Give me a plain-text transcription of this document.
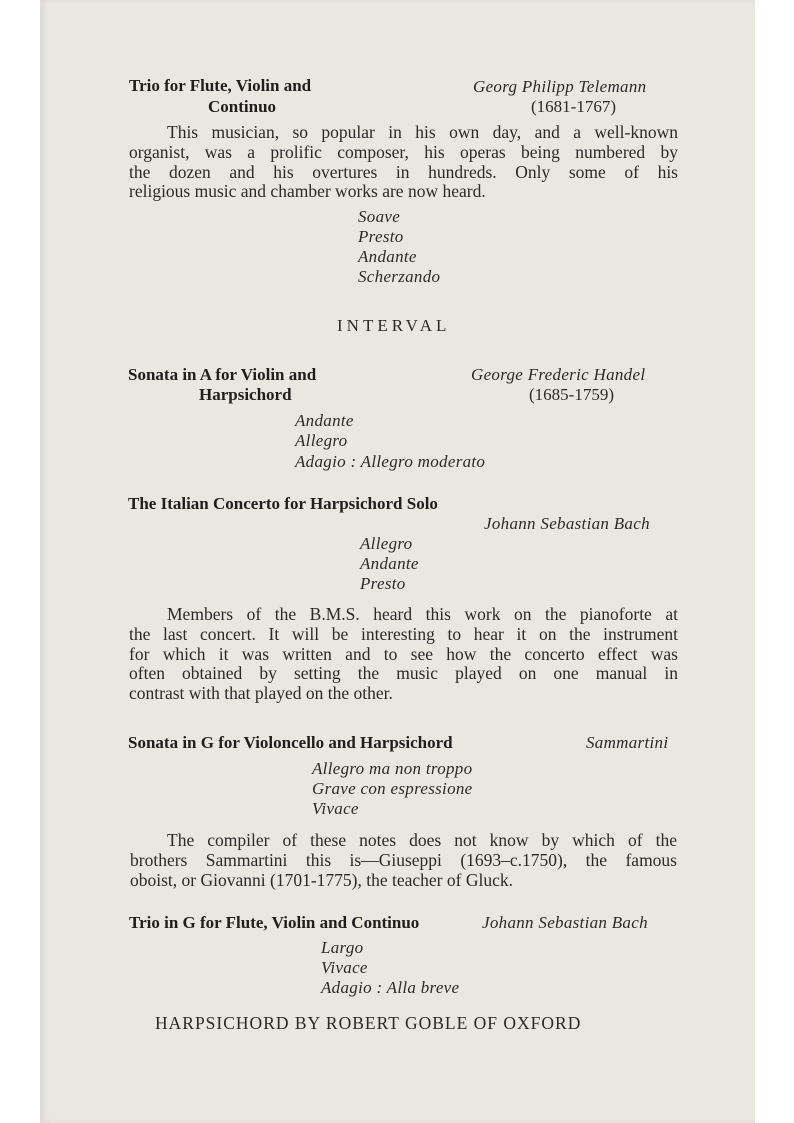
Trio for Flute, Violin and
Continuo
Georg Philipp Telemann
(1681-1767)
This musician, so popular in his own day, and a well-known
organist, was a prolific composer, his operas being numbered by
the dozen and his overtures in hundreds. Only some of his
religious music and chamber works are now heard.
Soave
Presto
Andante
Scherzando
INTERVAL
Sonata in A for Violin and
Harpsichord
George Frederic Handel
(1685-1759)
Andante
Allegro
Adagio : Allegro moderato
The Italian Concerto for Harpsichord Solo
Johann Sebastian Bach
Allegro
Andante
Presto
Members of the B.M.S. heard this work on the pianoforte at
the last concert. It will be interesting to hear it on the instrument
for which it was written and to see how the concerto effect was
often obtained by setting the music played on one manual in
contrast with that played on the other.
Sonata in G for Violoncello and Harpsichord	Sammartini
Allegro ma non troppo
Grave con espressione
Vivace
The compiler of these notes does not know by which of the
brothers Sammartini this is—Giuseppi (1693–c.1750), the famous
oboist, or Giovanni (1701-1775), the teacher of Gluck.
Trio in G for Flute, Violin and Continuo	Johann Sebastian Bach
Largo
Vivace
Adagio : Alla breve
HARPSICHORD BY ROBERT GOBLE OF OXFORD
